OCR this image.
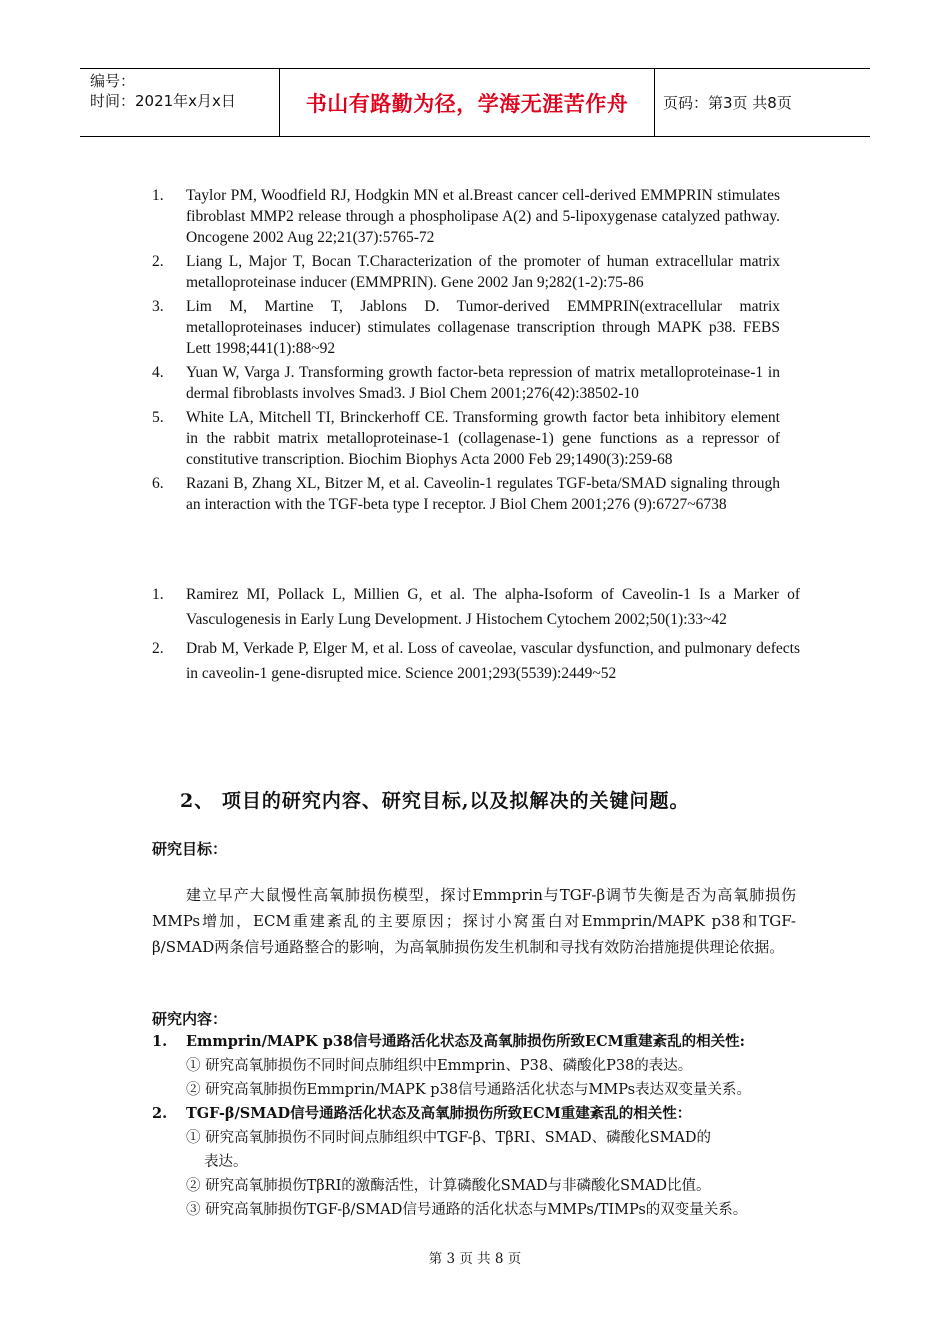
编号：
时间：2021年x月x日	书山有路勤为径，学海无涯苦作舟	页码：第3页 共8页
1.	Taylor PM, Woodfield RJ, Hodgkin MN et al.Breast cancer cell-derived EMMPRIN stimulates fibroblast MMP2 release through a phospholipase A(2) and 5-lipoxygenase catalyzed pathway. Oncogene 2002 Aug 22;21(37):5765-72
2.	Liang L, Major T, Bocan T.Characterization of the promoter of human extracellular matrix metalloproteinase inducer (EMMPRIN). Gene 2002 Jan 9;282(1-2):75-86
3.	Lim M, Martine T, Jablons D. Tumor-derived EMMPRIN(extracellular matrix metalloproteinases inducer) stimulates collagenase transcription through MAPK p38. FEBS Lett 1998;441(1):88~92
4.	Yuan W, Varga J. Transforming growth factor-beta repression of matrix metalloproteinase-1 in dermal fibroblasts involves Smad3. J Biol Chem 2001;276(42):38502-10
5.	White LA, Mitchell TI, Brinckerhoff CE. Transforming growth factor beta inhibitory element in the rabbit matrix metalloproteinase-1 (collagenase-1) gene functions as a repressor of constitutive transcription. Biochim Biophys Acta 2000 Feb 29;1490(3):259-68
6.	Razani B, Zhang XL, Bitzer M, et al. Caveolin-1 regulates TGF-beta/SMAD signaling through an interaction with the TGF-beta type I receptor. J Biol Chem 2001;276 (9):6727~6738
1.	Ramirez MI, Pollack L, Millien G, et al. The alpha-Isoform of Caveolin-1 Is a Marker of Vasculogenesis in Early Lung Development. J Histochem Cytochem 2002;50(1):33~42
2.	Drab M, Verkade P, Elger M, et al. Loss of caveolae, vascular dysfunction, and pulmonary defects in caveolin-1 gene-disrupted mice. Science 2001;293(5539):2449~52
2、 项目的研究内容、研究目标,以及拟解决的关键问题。
研究目标：
建立早产大鼠慢性高氧肺损伤模型，探讨Emmprin与TGF-β调节失衡是否为高氧肺损伤MMPs增加，ECM重建紊乱的主要原因；探讨小窝蛋白对Emmprin/MAPK p38和TGF-β/SMAD两条信号通路整合的影响，为高氧肺损伤发生机制和寻找有效防治措施提供理论依据。
研究内容：
1.	Emmprin/MAPK p38信号通路活化状态及高氧肺损伤所致ECM重建紊乱的相关性:
① 研究高氧肺损伤不同时间点肺组织中Emmprin、P38、磷酸化P38的表达。
② 研究高氧肺损伤Emmprin/MAPK p38信号通路活化状态与MMPs表达双变量关系。
2.	TGF-β/SMAD信号通路活化状态及高氧肺损伤所致ECM重建紊乱的相关性：
① 研究高氧肺损伤不同时间点肺组织中TGF-β、TβRⅠ、SMAD、磷酸化SMAD的
表达。
② 研究高氧肺损伤TβRⅠ的激酶活性，计算磷酸化SMAD与非磷酸化SMAD比值。
③ 研究高氧肺损伤TGF-β/SMAD信号通路的活化状态与MMPs/TIMPs的双变量关系。
第 3 页 共 8 页
